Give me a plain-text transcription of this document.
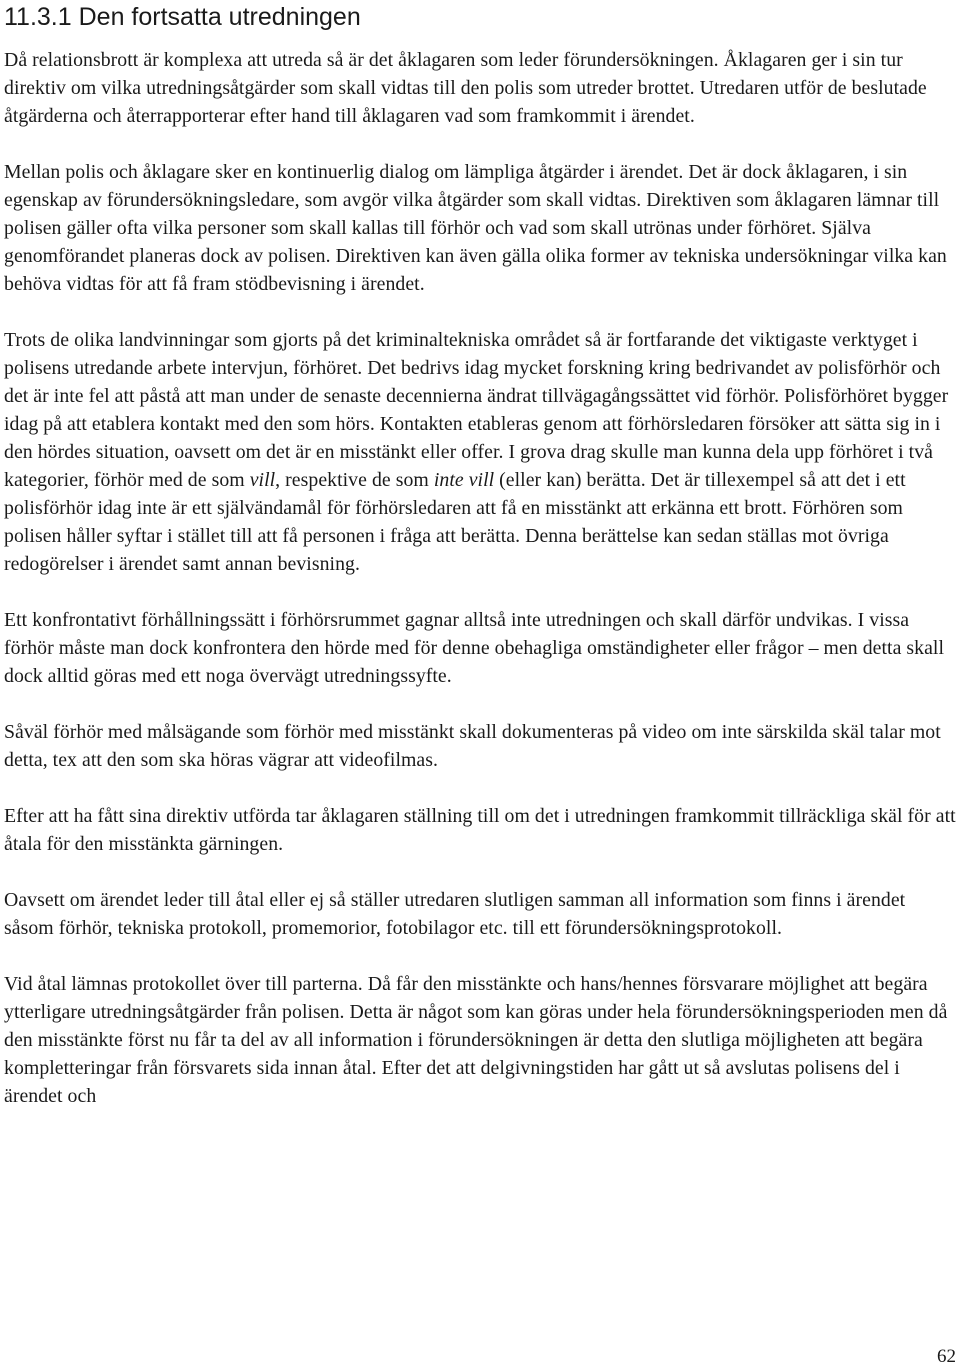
11.3.1 Den fortsatta utredningen

Då relationsbrott är komplexa att utreda så är det åklagaren som leder förundersökningen. Åklagaren ger i sin tur direktiv om vilka utredningsåtgärder som skall vidtas till den polis som utreder brottet. Utredaren utför de beslutade åtgärderna och återrapporterar efter hand till åklagaren vad som framkommit i ärendet.

Mellan polis och åklagare sker en kontinuerlig dialog om lämpliga åtgärder i ärendet. Det är dock åklagaren, i sin egenskap av förundersökningsledare, som avgör vilka åtgärder som skall vidtas. Direktiven som åklagaren lämnar till polisen gäller ofta vilka personer som skall kallas till förhör och vad som skall utrönas under förhöret. Själva genomförandet planeras dock av polisen. Direktiven kan även gälla olika former av tekniska undersökningar vilka kan behöva vidtas för att få fram stödbevisning i ärendet.

Trots de olika landvinningar som gjorts på det kriminaltekniska området så är fortfarande det viktigaste verktyget i polisens utredande arbete intervjun, förhöret. Det bedrivs idag mycket forskning kring bedrivandet av polisförhör och det är inte fel att påstå att man under de senaste decennierna ändrat tillvägagångssättet vid förhör. Polisförhöret bygger idag på att etablera kontakt med den som hörs. Kontakten etableras genom att förhörsledaren försöker att sätta sig in i den hördes situation, oavsett om det är en misstänkt eller offer. I grova drag skulle man kunna dela upp förhöret i två kategorier, förhör med de som vill, respektive de som inte vill (eller kan) berätta. Det är tillexempel så att det i ett polisförhör idag inte är ett självändamål för förhörsledaren att få en misstänkt att erkänna ett brott. Förhören som polisen håller syftar i stället till att få personen i fråga att berätta. Denna berättelse kan sedan ställas mot övriga redogörelser i ärendet samt annan bevisning.

Ett konfrontativt förhållningssätt i förhörsrummet gagnar alltså inte utredningen och skall därför undvikas. I vissa förhör måste man dock konfrontera den hörde med för denne obehagliga omständigheter eller frågor – men detta skall dock alltid göras med ett noga övervägt utredningssyfte.

Såväl förhör med målsägande som förhör med misstänkt skall dokumenteras på video om inte särskilda skäl talar mot detta, tex att den som ska höras vägrar att videofilmas.

Efter att ha fått sina direktiv utförda tar åklagaren ställning till om det i utredningen framkommit tillräckliga skäl för att åtala för den misstänkta gärningen.

Oavsett om ärendet leder till åtal eller ej så ställer utredaren slutligen samman all information som finns i ärendet såsom förhör, tekniska protokoll, promemorior, fotobilagor etc. till ett förundersökningsprotokoll.

Vid åtal lämnas protokollet över till parterna. Då får den misstänkte och hans/hennes försvarare möjlighet att begära ytterligare utredningsåtgärder från polisen. Detta är något som kan göras under hela förundersökningsperioden men då den misstänkte först nu får ta del av all information i förundersökningen är detta den slutliga möjligheten att begära kompletteringar från försvarets sida innan åtal. Efter det att delgivningstiden har gått ut så avslutas polisens del i ärendet och

62
